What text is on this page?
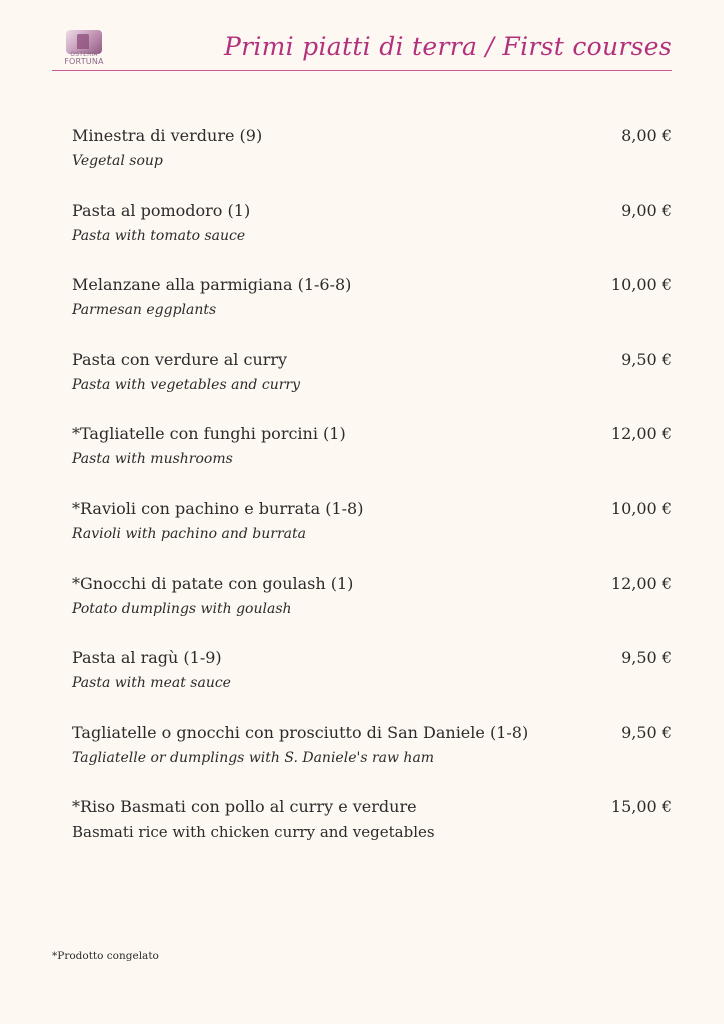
OSTERIA
FORTUNA
Primi piatti di terra / First courses
Minestra di verdure (9)
Vegetal soup
8,00 €
Pasta al pomodoro (1)
Pasta with tomato sauce
9,00 €
Melanzane alla parmigiana (1-6-8)
Parmesan eggplants
10,00 €
Pasta con verdure al curry
Pasta with vegetables and curry
9,50 €
*Tagliatelle con funghi porcini (1)
Pasta with mushrooms
12,00 €
*Ravioli con pachino e burrata (1-8)
Ravioli with pachino and burrata
10,00 €
*Gnocchi di patate con goulash (1)
Potato dumplings with goulash
12,00 €
Pasta al ragù (1-9)
Pasta with meat sauce
9,50 €
Tagliatelle o gnocchi con prosciutto di San Daniele (1-8)
Tagliatelle or dumplings with S. Daniele's raw ham
9,50 €
*Riso Basmati con pollo al curry e verdure
Basmati rice with chicken curry and vegetables
15,00 €
*Prodotto congelato
